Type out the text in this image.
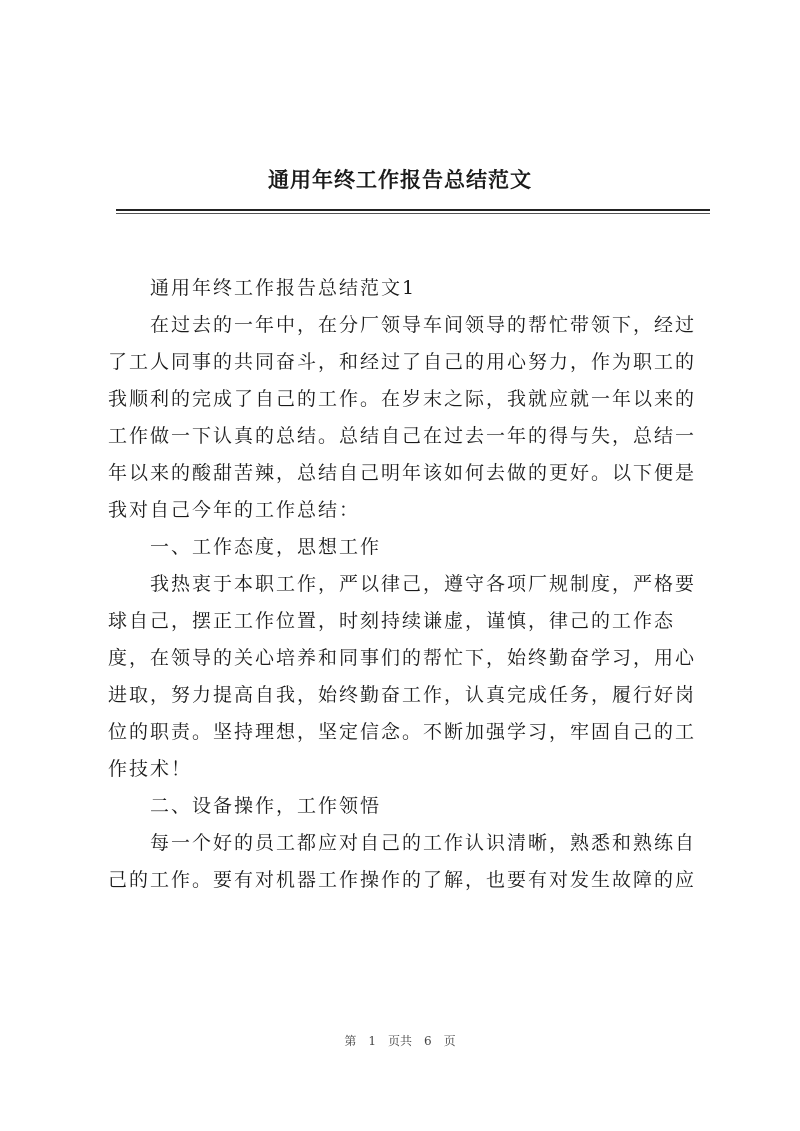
通用年终工作报告总结范文
通用年终工作报告总结范文1
在过去的一年中，在分厂领导车间领导的帮忙带领下，经过
了工人同事的共同奋斗，和经过了自己的用心努力，作为职工的
我顺利的完成了自己的工作。在岁末之际，我就应就一年以来的
工作做一下认真的总结。总结自己在过去一年的得与失，总结一
年以来的酸甜苦辣，总结自己明年该如何去做的更好。以下便是
我对自己今年的工作总结：
一、工作态度，思想工作
我热衷于本职工作，严以律己，遵守各项厂规制度，严格要
球自己，摆正工作位置，时刻持续谦虚，谨慎，律己的工作态
度，在领导的关心培养和同事们的帮忙下，始终勤奋学习，用心
进取，努力提高自我，始终勤奋工作，认真完成任务，履行好岗
位的职责。坚持理想，坚定信念。不断加强学习，牢固自己的工
作技术！
二、设备操作，工作领悟
每一个好的员工都应对自己的工作认识清晰，熟悉和熟练自
己的工作。要有对机器工作操作的了解，也要有对发生故障的应
第 1 页共 6 页
